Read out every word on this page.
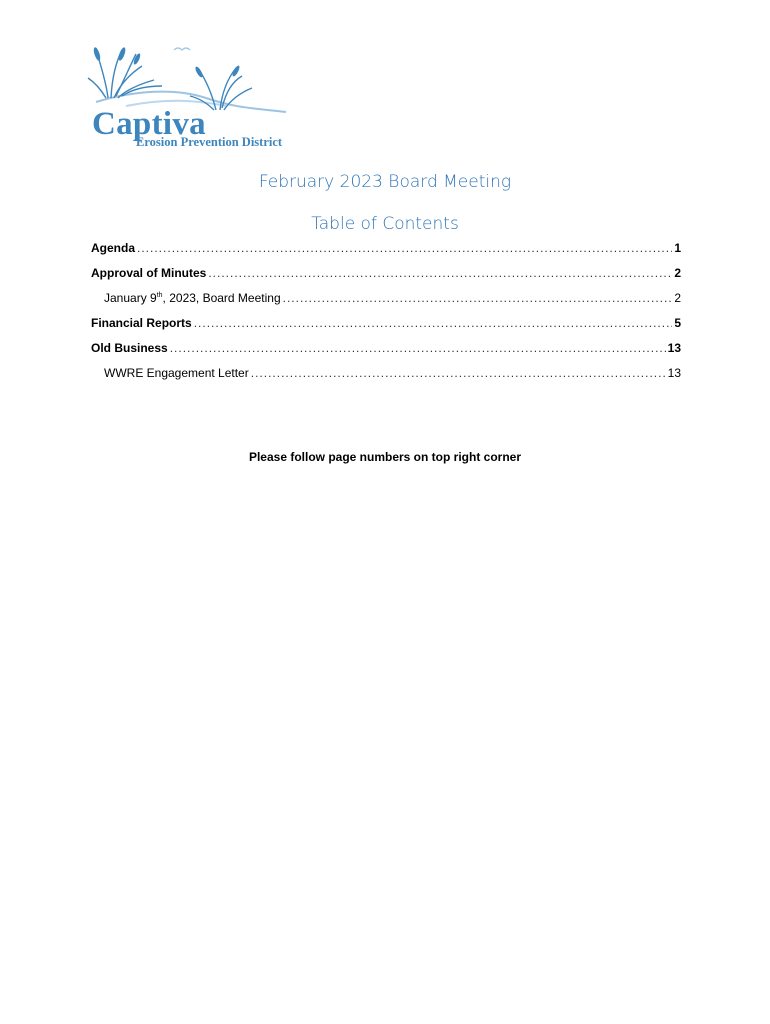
Captiva
Erosion Prevention District
February 2023 Board Meeting
Table of Contents
Agenda .....	1
Approval of Minutes .....	2
January 9th, 2023, Board Meeting .....	2
Financial Reports .....	5
Old Business .....	13
WWRE Engagement Letter .....	13
Please follow page numbers on top right corner
